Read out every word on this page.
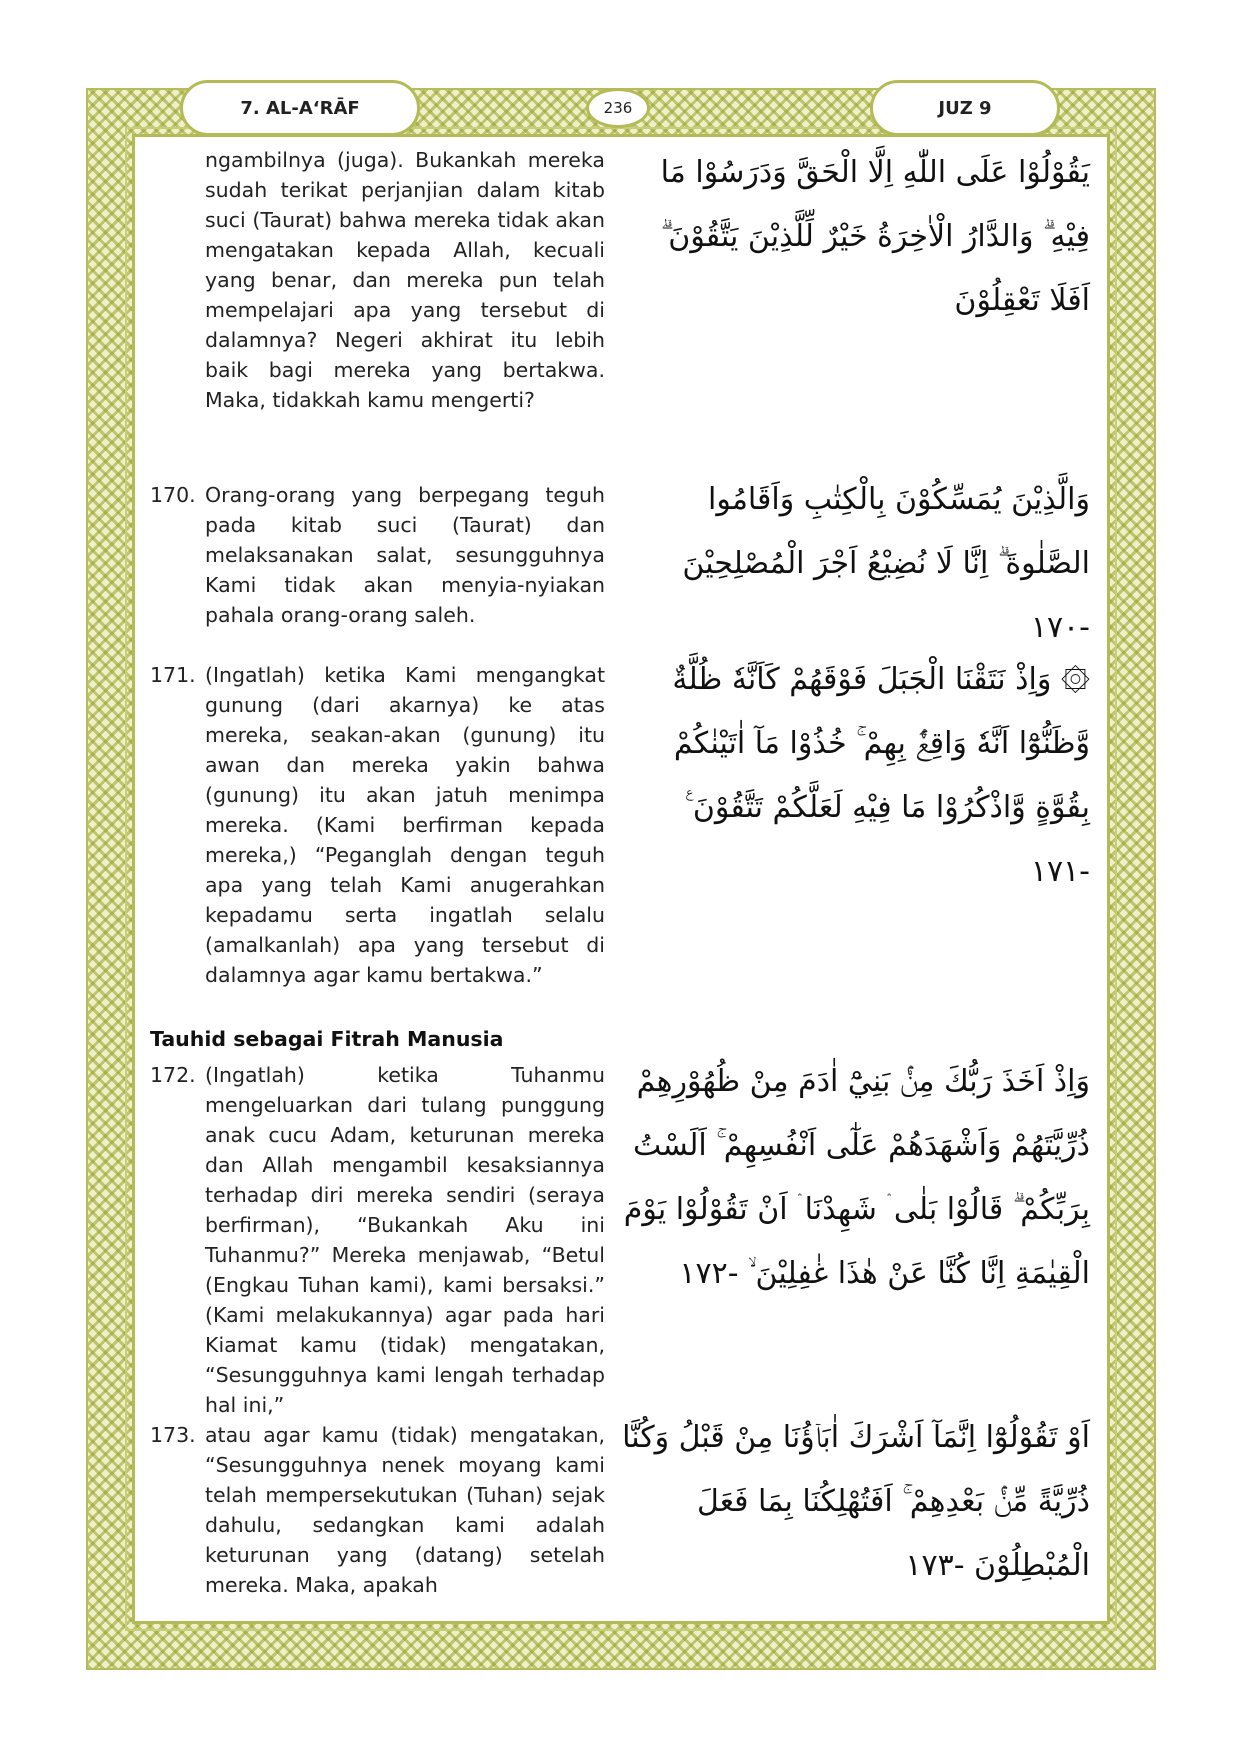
7. AL-A‘RĀF	236	JUZ 9
ngambilnya (juga). Bukankah mereka sudah terikat perjanjian dalam kitab suci (Taurat) bahwa mereka tidak akan mengatakan kepada Allah, kecuali yang benar, dan mereka pun telah mempelajari apa yang tersebut di dalamnya? Negeri akhirat itu lebih baik bagi mereka yang bertakwa. Maka, tidakkah kamu mengerti?
يَقُوْلُوْا عَلَى اللّٰهِ اِلَّا الْحَقَّ وَدَرَسُوْا مَا فِيْهِ ۗ وَالدَّارُ الْاٰخِرَةُ خَيْرٌ لِّلَّذِيْنَ يَتَّقُوْنَ ۗ اَفَلَا تَعْقِلُوْنَ
170. Orang-orang yang berpegang teguh pada kitab suci (Taurat) dan melaksanakan salat, sesungguhnya Kami tidak akan menyia-nyiakan pahala orang-orang saleh.
وَالَّذِيْنَ يُمَسِّكُوْنَ بِالْكِتٰبِ وَاَقَامُوا الصَّلٰوةَ ۗ اِنَّا لَا نُضِيْعُ اَجْرَ الْمُصْلِحِيْنَ -١٧٠
171. (Ingatlah) ketika Kami mengangkat gunung (dari akarnya) ke atas mereka, seakan-akan (gunung) itu awan dan mereka yakin bahwa (gunung) itu akan jatuh menimpa mereka. (Kami berfirman kepada mereka,) “Peganglah dengan teguh apa yang telah Kami anugerahkan kepadamu serta ingatlah selalu (amalkanlah) apa yang tersebut di dalamnya agar kamu bertakwa.”
۞ وَاِذْ نَتَقْنَا الْجَبَلَ فَوْقَهُمْ كَاَنَّهٗ ظُلَّةٌ وَّظَنُّوْٓا اَنَّهٗ وَاقِعٌۢ بِهِمْ ۚ خُذُوْا مَآ اٰتَيْنٰكُمْ بِقُوَّةٍ وَّاذْكُرُوْا مَا فِيْهِ لَعَلَّكُمْ تَتَّقُوْنَ ࣖ -١٧١
Tauhid sebagai Fitrah Manusia
172. (Ingatlah) ketika Tuhanmu mengeluarkan dari tulang punggung anak cucu Adam, keturunan mereka dan Allah mengambil kesaksiannya terhadap diri mereka sendiri (seraya berfirman), “Bukankah Aku ini Tuhanmu?” Mereka menjawab, “Betul (Engkau Tuhan kami), kami bersaksi.” (Kami melakukannya) agar pada hari Kiamat kamu (tidak) mengatakan, “Sesungguhnya kami lengah terhadap hal ini,”
وَاِذْ اَخَذَ رَبُّكَ مِنْۢ بَنِيْٓ اٰدَمَ مِنْ ظُهُوْرِهِمْ ذُرِّيَّتَهُمْ وَاَشْهَدَهُمْ عَلٰٓى اَنْفُسِهِمْ ۚ اَلَسْتُ بِرَبِّكُمْ ۗ قَالُوْا بَلٰى ۛ شَهِدْنَا ۛ اَنْ تَقُوْلُوْا يَوْمَ الْقِيٰمَةِ اِنَّا كُنَّا عَنْ هٰذَا غٰفِلِيْنَ ۙ -١٧٢
173. atau agar kamu (tidak) mengatakan, “Sesungguhnya nenek moyang kami telah mempersekutukan (Tuhan) sejak dahulu, sedangkan kami adalah keturunan yang (datang) setelah mereka. Maka, apakah
اَوْ تَقُوْلُوْٓا اِنَّمَآ اَشْرَكَ اٰبَاۤؤُنَا مِنْ قَبْلُ وَكُنَّا ذُرِّيَّةً مِّنْۢ بَعْدِهِمْ ۚ اَفَتُهْلِكُنَا بِمَا فَعَلَ الْمُبْطِلُوْنَ -١٧٣
